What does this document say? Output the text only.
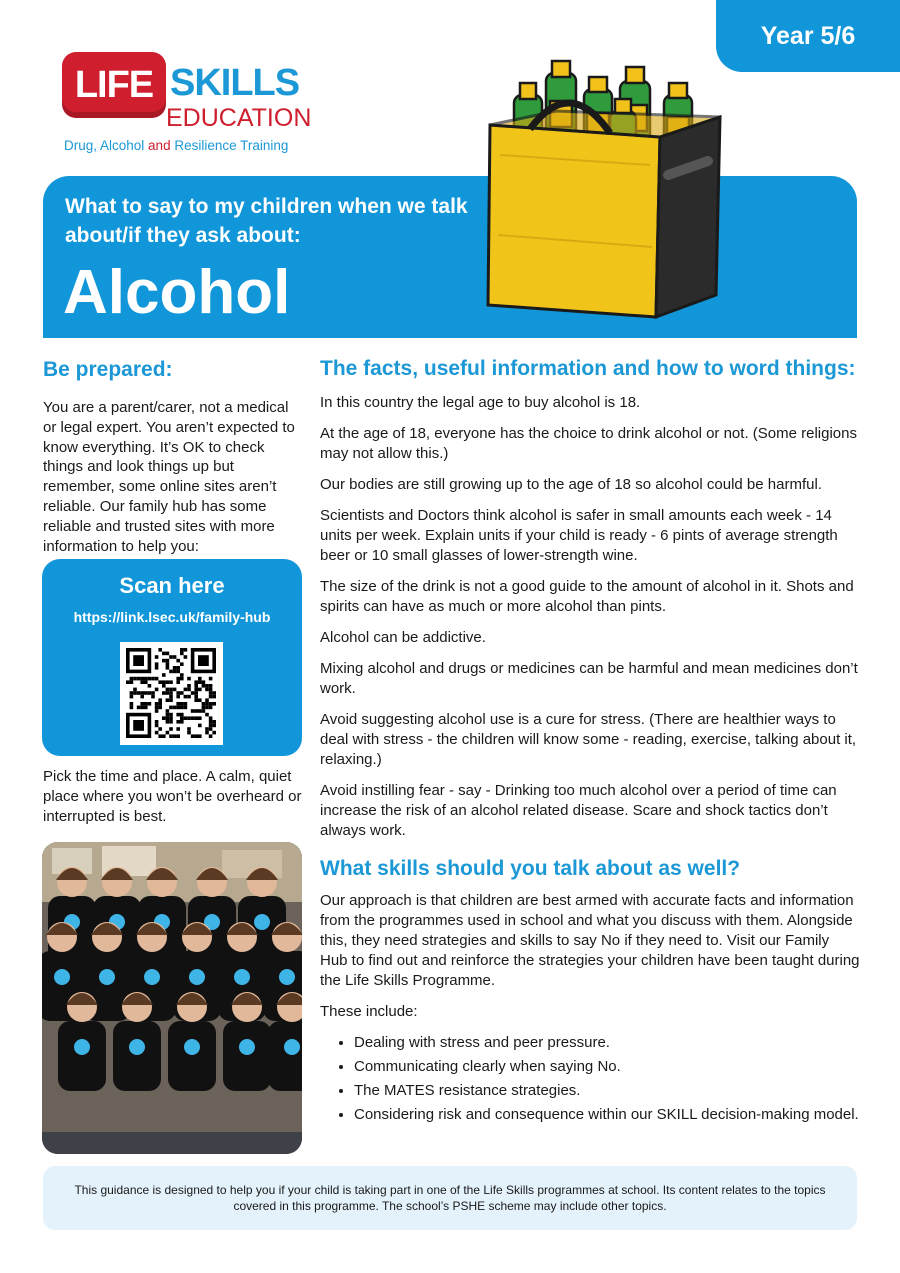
Year 5/6
LIFE SKILLS
EDUCATION
Drug, Alcohol and Resilience Training
What to say to my children when we talk about/if they ask about:
Alcohol
Be prepared:

You are a parent/carer, not a medical or legal expert. You aren’t expected to know everything. It’s OK to check things and look things up but remember, some online sites aren’t reliable. Our family hub has some reliable and trusted sites with more information to help you:

Scan here
https://link.lsec.uk/family-hub

Pick the time and place. A calm, quiet place where you won’t be overheard or interrupted is best.

The facts, useful information and how to word things:

In this country the legal age to buy alcohol is 18.

At the age of 18, everyone has the choice to drink alcohol or not. (Some religions may not allow this.)

Our bodies are still growing up to the age of 18 so alcohol could be harmful.

Scientists and Doctors think alcohol is safer in small amounts each week - 14 units per week. Explain units if your child is ready - 6 pints of average strength beer or 10 small glasses of lower-strength wine.

The size of the drink is not a good guide to the amount of alcohol in it. Shots and spirits can have as much or more alcohol than pints.

Alcohol can be addictive.

Mixing alcohol and drugs or medicines can be harmful and mean medicines don’t work.

Avoid suggesting alcohol use is a cure for stress. (There are healthier ways to deal with stress - the children will know some - reading, exercise, talking about it, relaxing.)

Avoid instilling fear - say - Drinking too much alcohol over a period of time can increase the risk of an alcohol related disease. Scare and shock tactics don’t always work.

What skills should you talk about as well?

Our approach is that children are best armed with accurate facts and information from the programmes used in school and what you discuss with them. Alongside this, they need strategies and skills to say No if they need to. Visit our Family Hub to find out and reinforce the strategies your children have been taught during the Life Skills Programme.

These include:

• Dealing with stress and peer pressure.
• Communicating clearly when saying No.
• The MATES resistance strategies.
• Considering risk and consequence within our SKILL decision-making model.
This guidance is designed to help you if your child is taking part in one of the Life Skills programmes at school. Its content relates to the topics covered in this programme. The school’s PSHE scheme may include other topics.
